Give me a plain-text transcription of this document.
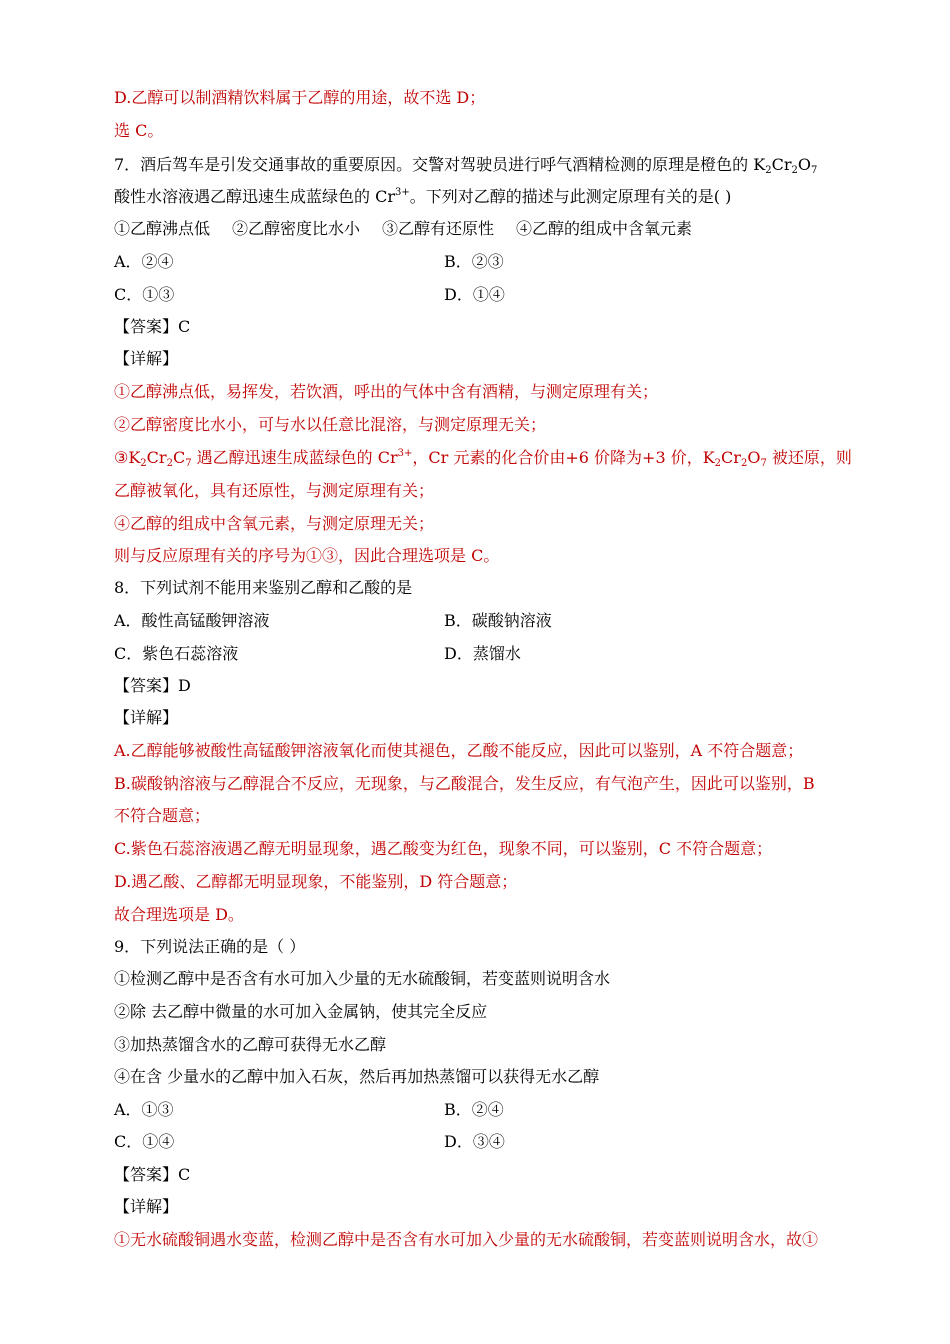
D.乙醇可以制酒精饮料属于乙醇的用途，故不选 D；
选 C。
7．酒后驾车是引发交通事故的重要原因。交警对驾驶员进行呼气酒精检测的原理是橙色的 $K_2Cr_2O_7$
酸性水溶液遇乙醇迅速生成蓝绿色的 $Cr^{3+}$。下列对乙醇的描述与此测定原理有关的是( )
①乙醇沸点低 ②乙醇密度比水小 ③乙醇有还原性 ④乙醇的组成中含氧元素
A．②④	B．②③
C．①③	D．①④
【答案】C
【详解】
①乙醇沸点低，易挥发，若饮酒，呼出的气体中含有酒精，与测定原理有关；
②乙醇密度比水小，可与水以任意比混溶，与测定原理无关；
$③K_2Cr_2C_7$ 遇乙醇迅速生成蓝绿色的 $Cr^{3+}$，Cr 元素的化合价由+6 价降为+3 价，$K_2Cr_2O_7$ 被还原，则
乙醇被氧化，具有还原性，与测定原理有关；
④乙醇的组成中含氧元素，与测定原理无关；
则与反应原理有关的序号为①③，因此合理选项是 C。
8．下列试剂不能用来鉴别乙醇和乙酸的是
A．酸性高锰酸钾溶液	B．碳酸钠溶液
C．紫色石蕊溶液	D．蒸馏水
【答案】D
【详解】
A.乙醇能够被酸性高锰酸钾溶液氧化而使其褪色，乙酸不能反应，因此可以鉴别，A 不符合题意；
B.碳酸钠溶液与乙醇混合不反应，无现象，与乙酸混合，发生反应，有气泡产生，因此可以鉴别，B
不符合题意；
C.紫色石蕊溶液遇乙醇无明显现象，遇乙酸变为红色，现象不同，可以鉴别，C 不符合题意；
D.遇乙酸、乙醇都无明显现象，不能鉴别，D 符合题意；
故合理选项是 D。
9．下列说法正确的是（ ）
①检测乙醇中是否含有水可加入少量的无水硫酸铜，若变蓝则说明含水
②除 去乙醇中微量的水可加入金属钠，使其完全反应
③加热蒸馏含水的乙醇可获得无水乙醇
④在含 少量水的乙醇中加入石灰，然后再加热蒸馏可以获得无水乙醇
A．①③	B．②④
C．①④	D．③④
【答案】C
【详解】
①无水硫酸铜遇水变蓝，检测乙醇中是否含有水可加入少量的无水硫酸铜，若变蓝则说明含水，故①
